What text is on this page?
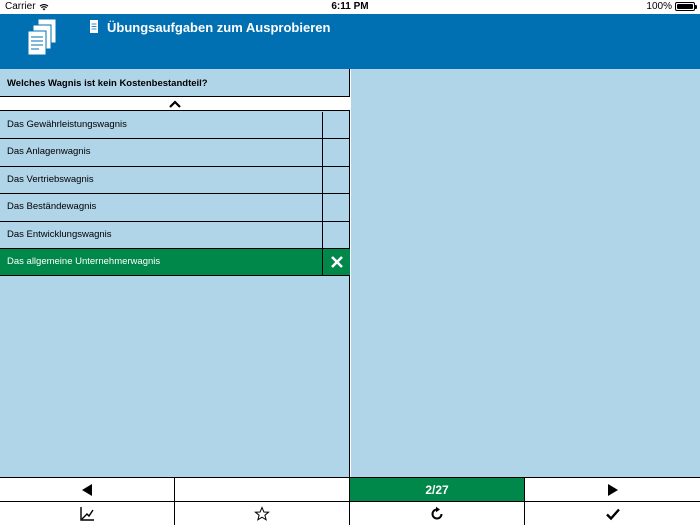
Carrier	6:11 PM	100%
Übungsaufgaben zum Ausprobieren
Welches Wagnis ist kein Kostenbestandteil?
Das Gewährleistungswagnis
Das Anlagenwagnis
Das Vertriebswagnis
Das Beständewagnis
Das Entwicklungswagnis
Das allgemeine Unternehmerwagnis
2/27
